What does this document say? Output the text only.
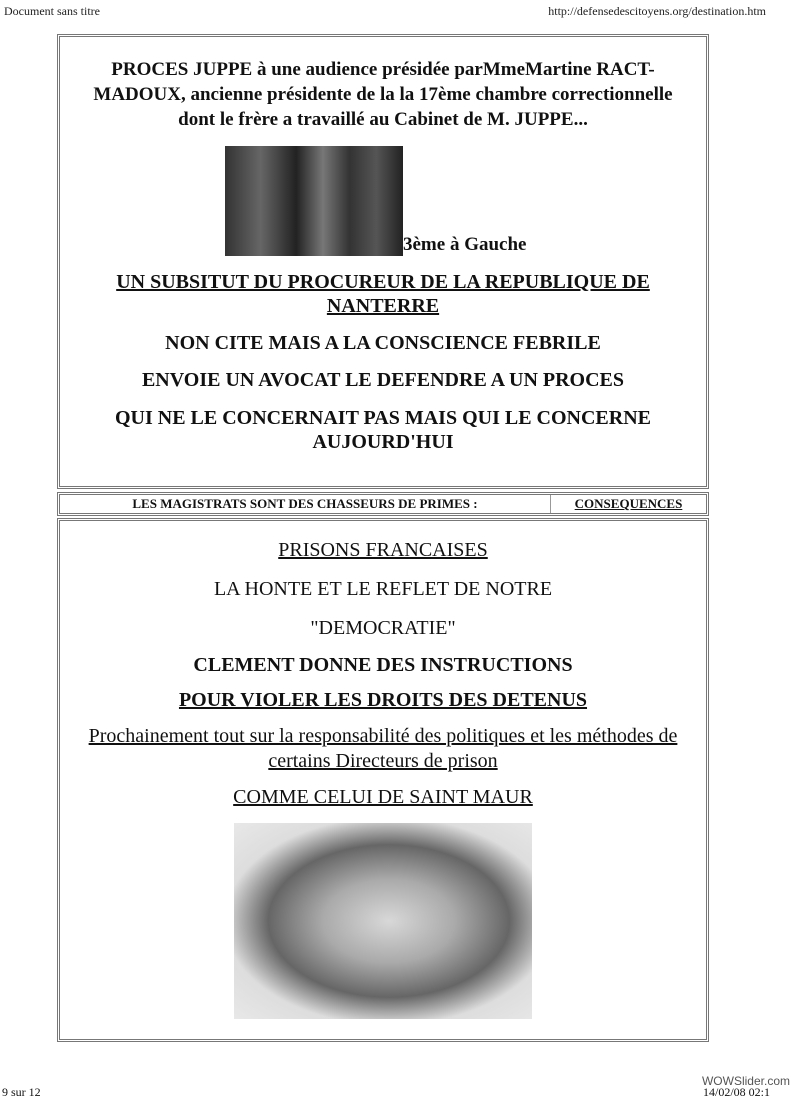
Document sans titre	http://defensedescitoyens.org/destination.htm

PROCES JUPPE à une audience présidée parMmeMartine RACT-MADOUX, ancienne présidente de la la 17ème chambre correctionnelle dont le frère a travaillé au Cabinet de M. JUPPE...

3ème à Gauche

UN SUBSITUT DU PROCUREUR DE LA REPUBLIQUE DE NANTERRE

NON CITE MAIS A LA CONSCIENCE FEBRILE

ENVOIE UN AVOCAT LE DEFENDRE A UN PROCES

QUI NE LE CONCERNAIT PAS MAIS QUI LE CONCERNE AUJOURD'HUI

LES MAGISTRATS SONT DES CHASSEURS DE PRIMES :	CONSEQUENCES

PRISONS FRANCAISES

LA HONTE ET LE REFLET DE NOTRE

"DEMOCRATIE"

CLEMENT DONNE DES INSTRUCTIONS

POUR VIOLER LES DROITS DES DETENUS

Prochainement tout sur la responsabilité des politiques et les méthodes de certains Directeurs de prison

COMME CELUI DE SAINT MAUR

9 sur 12
WOWSlider.com
14/02/08 02:1
